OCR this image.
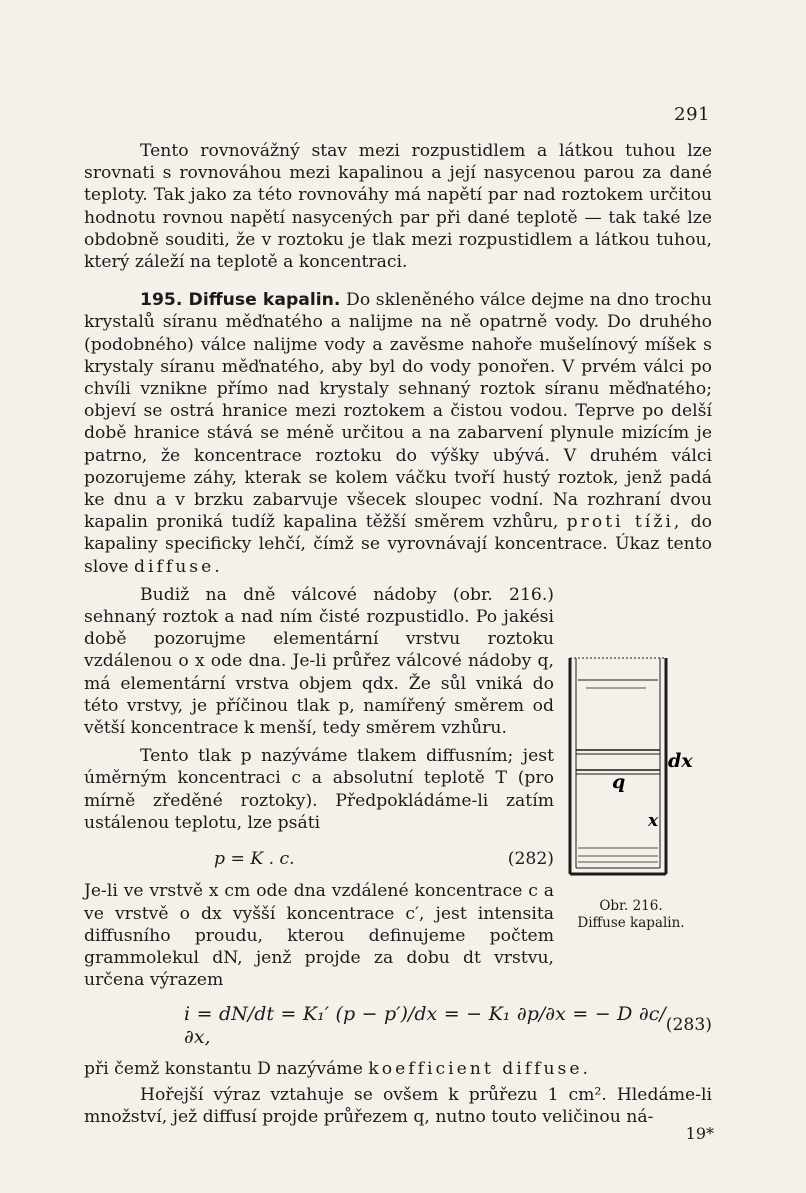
291

Tento rovnovážný stav mezi rozpustidlem a látkou tuhou lze srovnati s rovnováhou mezi kapalinou a její nasycenou parou za dané teploty. Tak jako za této rovnováhy má napětí par nad roztokem určitou hodnotu rovnou napětí nasycených par při dané teplotě — tak také lze obdobně souditi, že v roztoku je tlak mezi rozpustidlem a látkou tuhou, který záleží na teplotě a koncentraci.

195. Diffuse kapalin. Do skleněného válce dejme na dno trochu krystalů síranu měďnatého a nalijme na ně opatrně vody. Do druhého (podobného) válce nalijme vody a zavěsme nahoře mušelínový míšek s krystaly síranu měďnatého, aby byl do vody ponořen. V prvém válci po chvíli vznikne přímo nad krystaly sehnaný roztok síranu měďnatého; objeví se ostrá hranice mezi roztokem a čistou vodou. Teprve po delší době hranice stává se méně určitou a na zabarvení plynule mizícím je patrno, že koncentrace roztoku do výšky ubývá. V druhém válci pozorujeme záhy, kterak se kolem váčku tvoří hustý roztok, jenž padá ke dnu a v brzku zabarvuje všecek sloupec vodní. Na rozhraní dvou kapalin proniká tudíž kapalina těžší směrem vzhůru, proti tíži, do kapaliny specificky lehčí, čímž se vyrovnávají koncentrace. Úkaz tento slove diffuse.

Budiž na dně válcové nádoby (obr. 216.) sehnaný roztok a nad ním čisté rozpustidlo. Po jakési době pozorujme elementární vrstvu roztoku vzdálenou o x ode dna. Je-li průřez válcové nádoby q, má elementární vrstva objem qdx. Že sůl vniká do této vrstvy, je příčinou tlak p, namířený směrem od větší koncentrace k menší, tedy směrem vzhůru.

Tento tlak p nazýváme tlakem diffusním; jest úměrným koncentraci c a absolutní teplotě T (pro mírně zředěné roztoky). Předpokládáme-li zatím ustálenou teplotu, lze psáti

p = K . c.	(282)

Je-li ve vrstvě x cm ode dna vzdálené koncentrace c a ve vrstvě o dx vyšší koncentrace c′, jest intensita diffusního proudu, kterou definujeme počtem grammolekul dN, jenž projde za dobu dt vrstvu, určena výrazem

i = dN/dt = K₁′ (p − p′)/dx = − K₁ ∂p/∂x = − D ∂c/∂x,
(283)

při čemž konstantu D nazýváme koefficient diffuse.

Hořejší výraz vztahuje se ovšem k průřezu 1 cm². Hledáme-li množství, jež diffusí projde průřezem q, nutno touto veličinou ná-

dx
q
x
Obr. 216.
Diffuse kapalin.
19*
